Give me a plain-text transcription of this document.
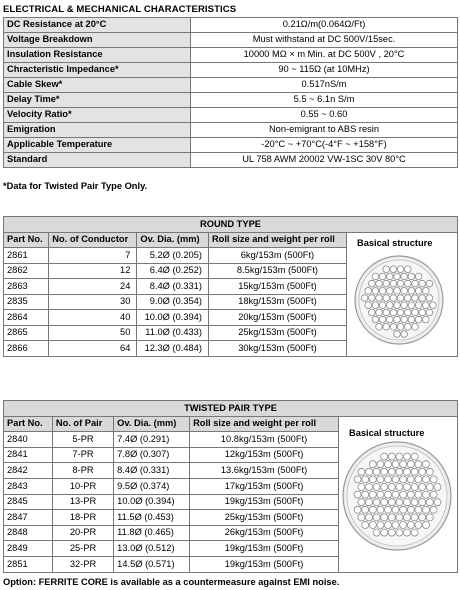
ELECTRICAL & MECHANICAL CHARACTERISTICS
DC Resistance at 20°C	0.21Ω/m(0.064Ω/Ft)
Voltage Breakdown	Must withstand at DC 500V/15sec.
Insulation Resistance	10000 MΩ × m Min. at DC 500V , 20°C
Chracteristic Impedance*	90 ~ 115Ω (at 10MHz)
Cable Skew*	0.517nS/m
Delay Time*	5.5 ~ 6.1n S/m
Velocity Ratio*	0.55 ~ 0.60
Emigration	Non-emigrant to ABS resin
Applicable Temperature	-20°C ~ +70°C(-4°F ~ +158°F)
Standard	UL 758 AWM 20002 VW-1SC 30V 80°C
*Data for Twisted Pair Type Only.
ROUND TYPE				
Part No.	No. of Conductor	Ov. Dia. (mm)	Roll size and weight per roll	Basical structure

2861	7	5.2Ø (0.205)	6kg/153m (500Ft)	
2862	12	6.4Ø (0.252)	8.5kg/153m (500Ft)	
2863	24	8.4Ø (0.331)	15kg/153m (500Ft)	
2835	30	9.0Ø (0.354)	18kg/153m (500Ft)	
2864	40	10.0Ø (0.394)	20kg/153m (500Ft)	
2865	50	11.0Ø (0.433)	25kg/153m (500Ft)	
2866	64	12.3Ø (0.484)	30kg/153m (500Ft)	
TWISTED PAIR TYPE				
Part No.	No. of Pair	Ov. Dia. (mm)	Roll size and weight per roll	Basical structure

2840	5-PR	7.4Ø (0.291)	10.8kg/153m (500Ft)	
2841	7-PR	7.8Ø (0.307)	12kg/153m (500Ft)	
2842	8-PR	8.4Ø (0.331)	13.6kg/153m (500Ft)	
2843	10-PR	9.5Ø (0.374)	17kg/153m (500Ft)	
2845	13-PR	10.0Ø (0.394)	19kg/153m (500Ft)	
2847	18-PR	11.5Ø (0.453)	25kg/153m (500Ft)	
2848	20-PR	11.8Ø (0.465)	26kg/153m (500Ft)	
2849	25-PR	13.0Ø (0.512)	19kg/153m (500Ft)	
2851	32-PR	14.5Ø (0.571)	19kg/153m (500Ft)	
Option: FERRITE CORE is available as a countermeasure against EMI noise.
